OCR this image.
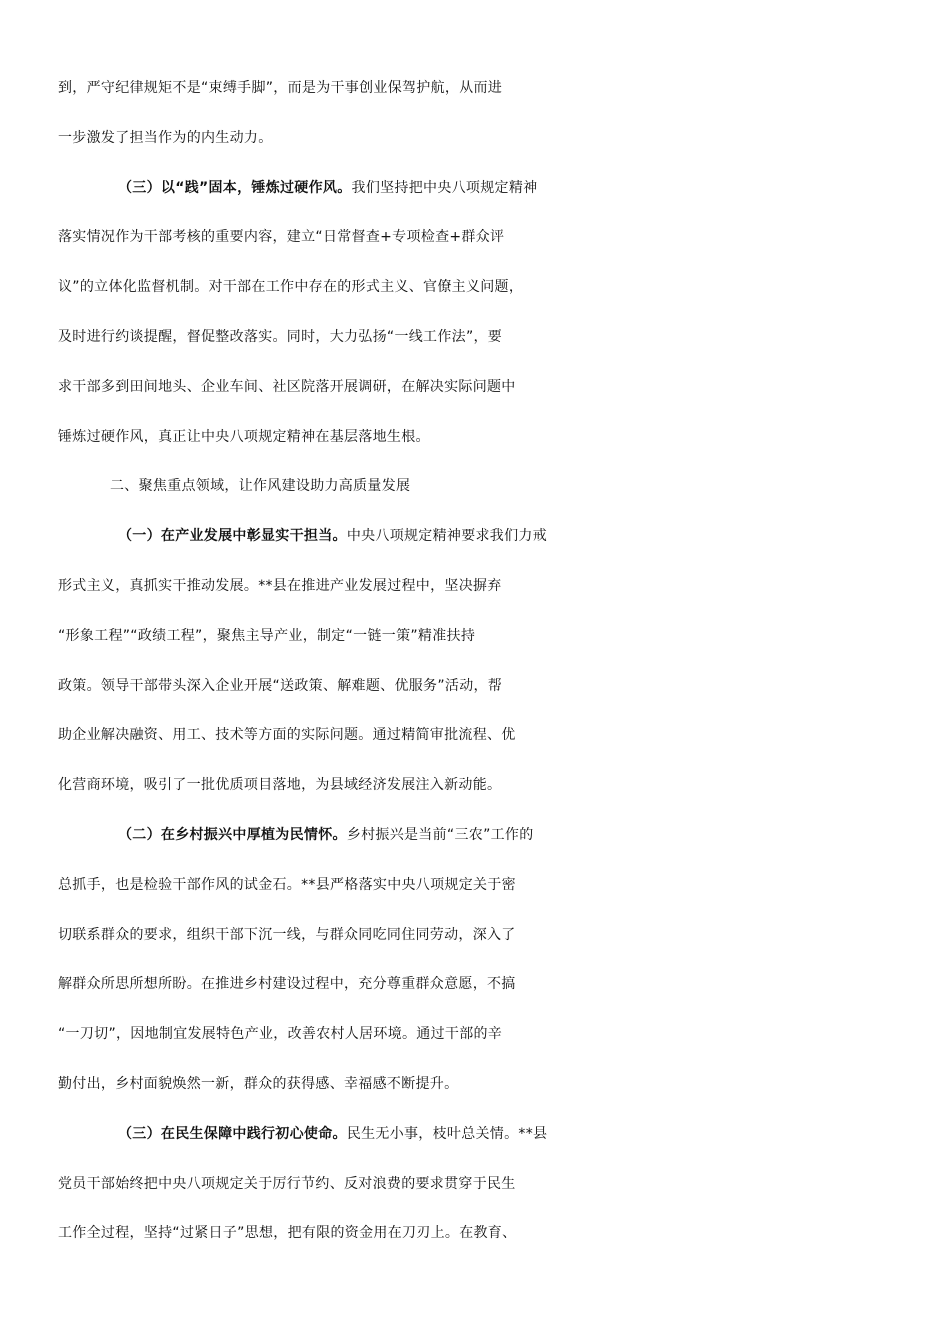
到，严守纪律规矩不是“束缚手脚”，而是为干事创业保驾护航，从而进
一步激发了担当作为的内生动力。
（三）以“践”固本，锤炼过硬作风。我们坚持把中央八项规定精神
落实情况作为干部考核的重要内容，建立“日常督查+专项检查+群众评
议”的立体化监督机制。对干部在工作中存在的形式主义、官僚主义问题，
及时进行约谈提醒，督促整改落实。同时，大力弘扬“一线工作法”，要
求干部多到田间地头、企业车间、社区院落开展调研，在解决实际问题中
锤炼过硬作风，真正让中央八项规定精神在基层落地生根。
二、聚焦重点领域，让作风建设助力高质量发展
（一）在产业发展中彰显实干担当。中央八项规定精神要求我们力戒
形式主义，真抓实干推动发展。**县在推进产业发展过程中，坚决摒弃
“形象工程”“政绩工程”，聚焦主导产业，制定“一链一策”精准扶持
政策。领导干部带头深入企业开展“送政策、解难题、优服务”活动，帮
助企业解决融资、用工、技术等方面的实际问题。通过精简审批流程、优
化营商环境，吸引了一批优质项目落地，为县域经济发展注入新动能。
（二）在乡村振兴中厚植为民情怀。乡村振兴是当前“三农”工作的
总抓手，也是检验干部作风的试金石。**县严格落实中央八项规定关于密
切联系群众的要求，组织干部下沉一线，与群众同吃同住同劳动，深入了
解群众所思所想所盼。在推进乡村建设过程中，充分尊重群众意愿，不搞
“一刀切”，因地制宜发展特色产业，改善农村人居环境。通过干部的辛
勤付出，乡村面貌焕然一新，群众的获得感、幸福感不断提升。
（三）在民生保障中践行初心使命。民生无小事，枝叶总关情。**县
党员干部始终把中央八项规定关于厉行节约、反对浪费的要求贯穿于民生
工作全过程，坚持“过紧日子”思想，把有限的资金用在刀刃上。在教育、
